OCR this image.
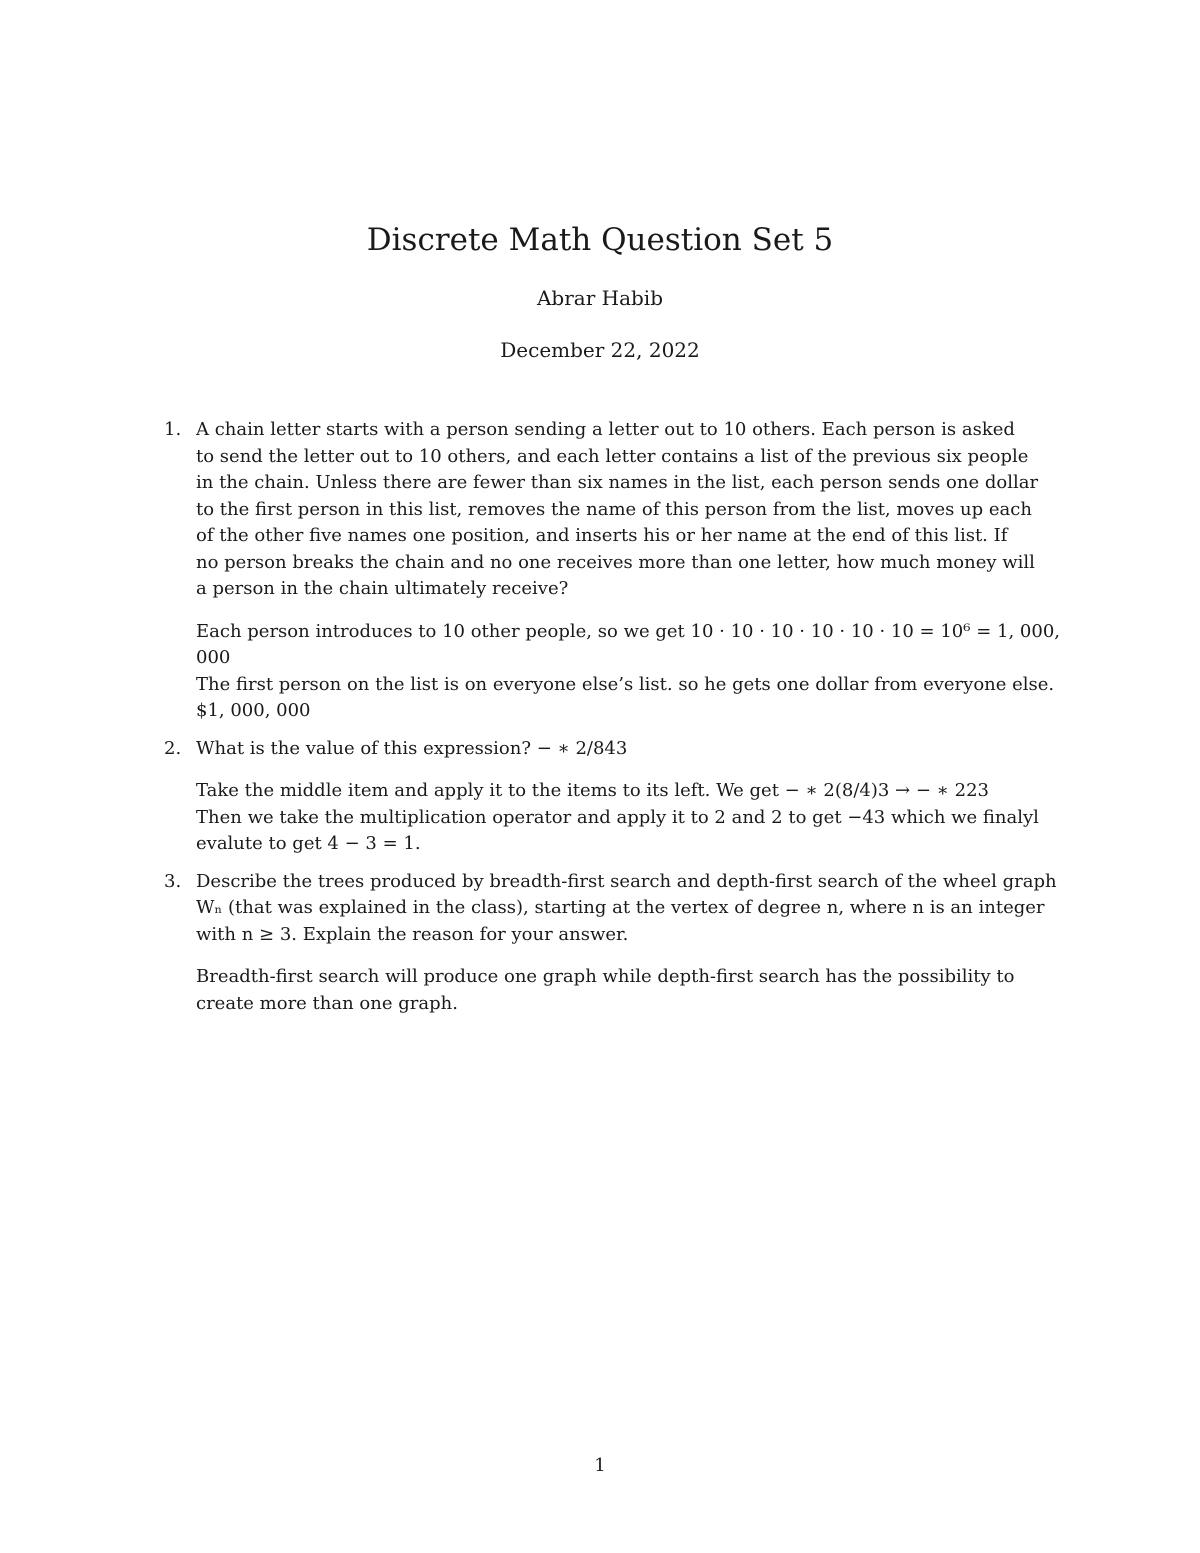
Discrete Math Question Set 5
Abrar Habib
December 22, 2022
1. A chain letter starts with a person sending a letter out to 10 others. Each person is asked
to send the letter out to 10 others, and each letter contains a list of the previous six people
in the chain. Unless there are fewer than six names in the list, each person sends one dollar
to the first person in this list, removes the name of this person from the list, moves up each
of the other five names one position, and inserts his or her name at the end of this list. If
no person breaks the chain and no one receives more than one letter, how much money will
a person in the chain ultimately receive?

Each person introduces to 10 other people, so we get 10 · 10 · 10 · 10 · 10 · 10 = 10⁶ = 1, 000, 000
The first person on the list is on everyone else’s list. so he gets one dollar from everyone else.
$1, 000, 000

2. What is the value of this expression? − ∗ 2/843

Take the middle item and apply it to the items to its left. We get − ∗ 2(8/4)3 → − ∗ 223
Then we take the multiplication operator and apply it to 2 and 2 to get −43 which we finalyl
evalute to get 4 − 3 = 1.

3. Describe the trees produced by breadth-first search and depth-first search of the wheel graph
Wₙ (that was explained in the class), starting at the vertex of degree n, where n is an integer
with n ≥ 3. Explain the reason for your answer.

Breadth-first search will produce one graph while depth-first search has the possibility to
create more than one graph.

1
